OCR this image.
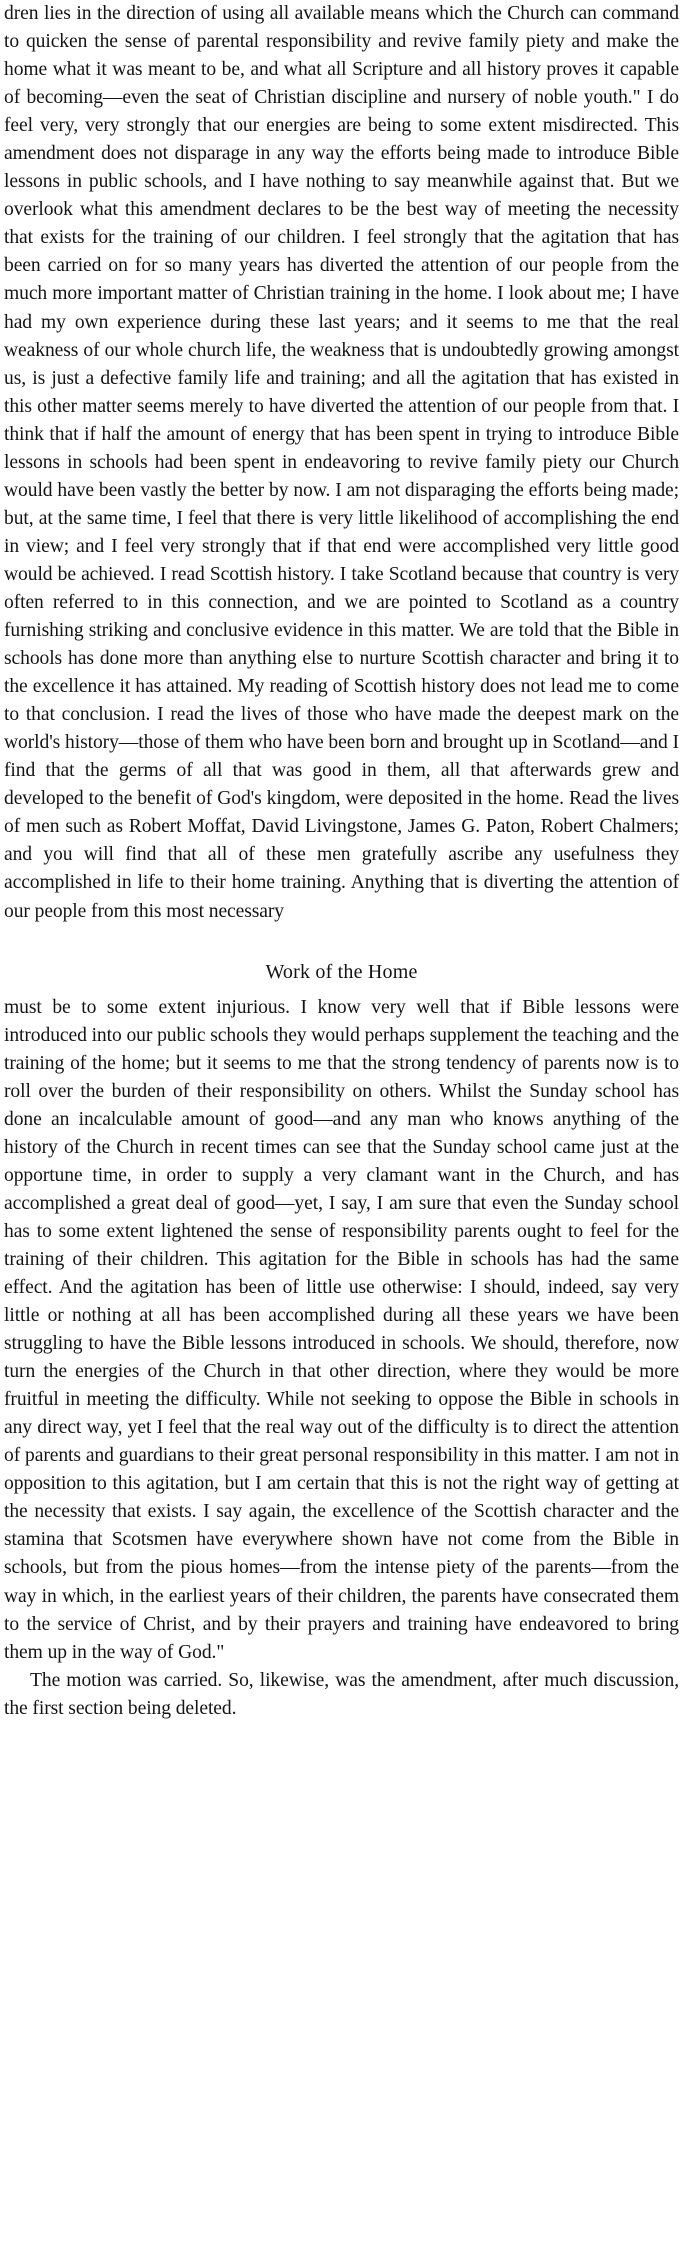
dren lies in the direction of using all available means which the Church can command to quicken the sense of parental responsibility and revive family piety and make the home what it was meant to be, and what all Scripture and all history proves it capable of becoming—even the seat of Christian discipline and nursery of noble youth." I do feel very, very strongly that our energies are being to some extent misdirected. This amendment does not disparage in any way the efforts being made to introduce Bible lessons in public schools, and I have nothing to say meanwhile against that. But we overlook what this amendment declares to be the best way of meeting the necessity that exists for the training of our children. I feel strongly that the agitation that has been carried on for so many years has diverted the attention of our people from the much more important matter of Christian training in the home. I look about me; I have had my own experience during these last years; and it seems to me that the real weakness of our whole church life, the weakness that is undoubtedly growing amongst us, is just a defective family life and training; and all the agitation that has existed in this other matter seems merely to have diverted the attention of our people from that. I think that if half the amount of energy that has been spent in trying to introduce Bible lessons in schools had been spent in endeavoring to revive family piety our Church would have been vastly the better by now. I am not disparaging the efforts being made; but, at the same time, I feel that there is very little likelihood of accomplishing the end in view; and I feel very strongly that if that end were accomplished very little good would be achieved. I read Scottish history. I take Scotland because that country is very often referred to in this connection, and we are pointed to Scotland as a country furnishing striking and conclusive evidence in this matter. We are told that the Bible in schools has done more than anything else to nurture Scottish character and bring it to the excellence it has attained. My reading of Scottish history does not lead me to come to that conclusion. I read the lives of those who have made the deepest mark on the world's history—those of them who have been born and brought up in Scotland—and I find that the germs of all that was good in them, all that afterwards grew and developed to the benefit of God's kingdom, were deposited in the home. Read the lives of men such as Robert Moffat, David Livingstone, James G. Paton, Robert Chalmers; and you will find that all of these men gratefully ascribe any usefulness they accomplished in life to their home training. Anything that is diverting the attention of our people from this most necessary

Work of the Home

must be to some extent injurious. I know very well that if Bible lessons were introduced into our public schools they would perhaps supplement the teaching and the training of the home; but it seems to me that the strong tendency of parents now is to roll over the burden of their responsibility on others. Whilst the Sunday school has done an incalculable amount of good—and any man who knows anything of the history of the Church in recent times can see that the Sunday school came just at the opportune time, in order to supply a very clamant want in the Church, and has accomplished a great deal of good—yet, I say, I am sure that even the Sunday school has to some extent lightened the sense of responsibility parents ought to feel for the training of their children. This agitation for the Bible in schools has had the same effect. And the agitation has been of little use otherwise: I should, indeed, say very little or nothing at all has been accomplished during all these years we have been struggling to have the Bible lessons introduced in schools. We should, therefore, now turn the energies of the Church in that other direction, where they would be more fruitful in meeting the difficulty. While not seeking to oppose the Bible in schools in any direct way, yet I feel that the real way out of the difficulty is to direct the attention of parents and guardians to their great personal responsibility in this matter. I am not in opposition to this agitation, but I am certain that this is not the right way of getting at the necessity that exists. I say again, the excellence of the Scottish character and the stamina that Scotsmen have everywhere shown have not come from the Bible in schools, but from the pious homes—from the intense piety of the parents—from the way in which, in the earliest years of their children, the parents have consecrated them to the service of Christ, and by their prayers and training have endeavored to bring them up in the way of God."

The motion was carried. So, likewise, was the amendment, after much discussion, the first section being deleted.
